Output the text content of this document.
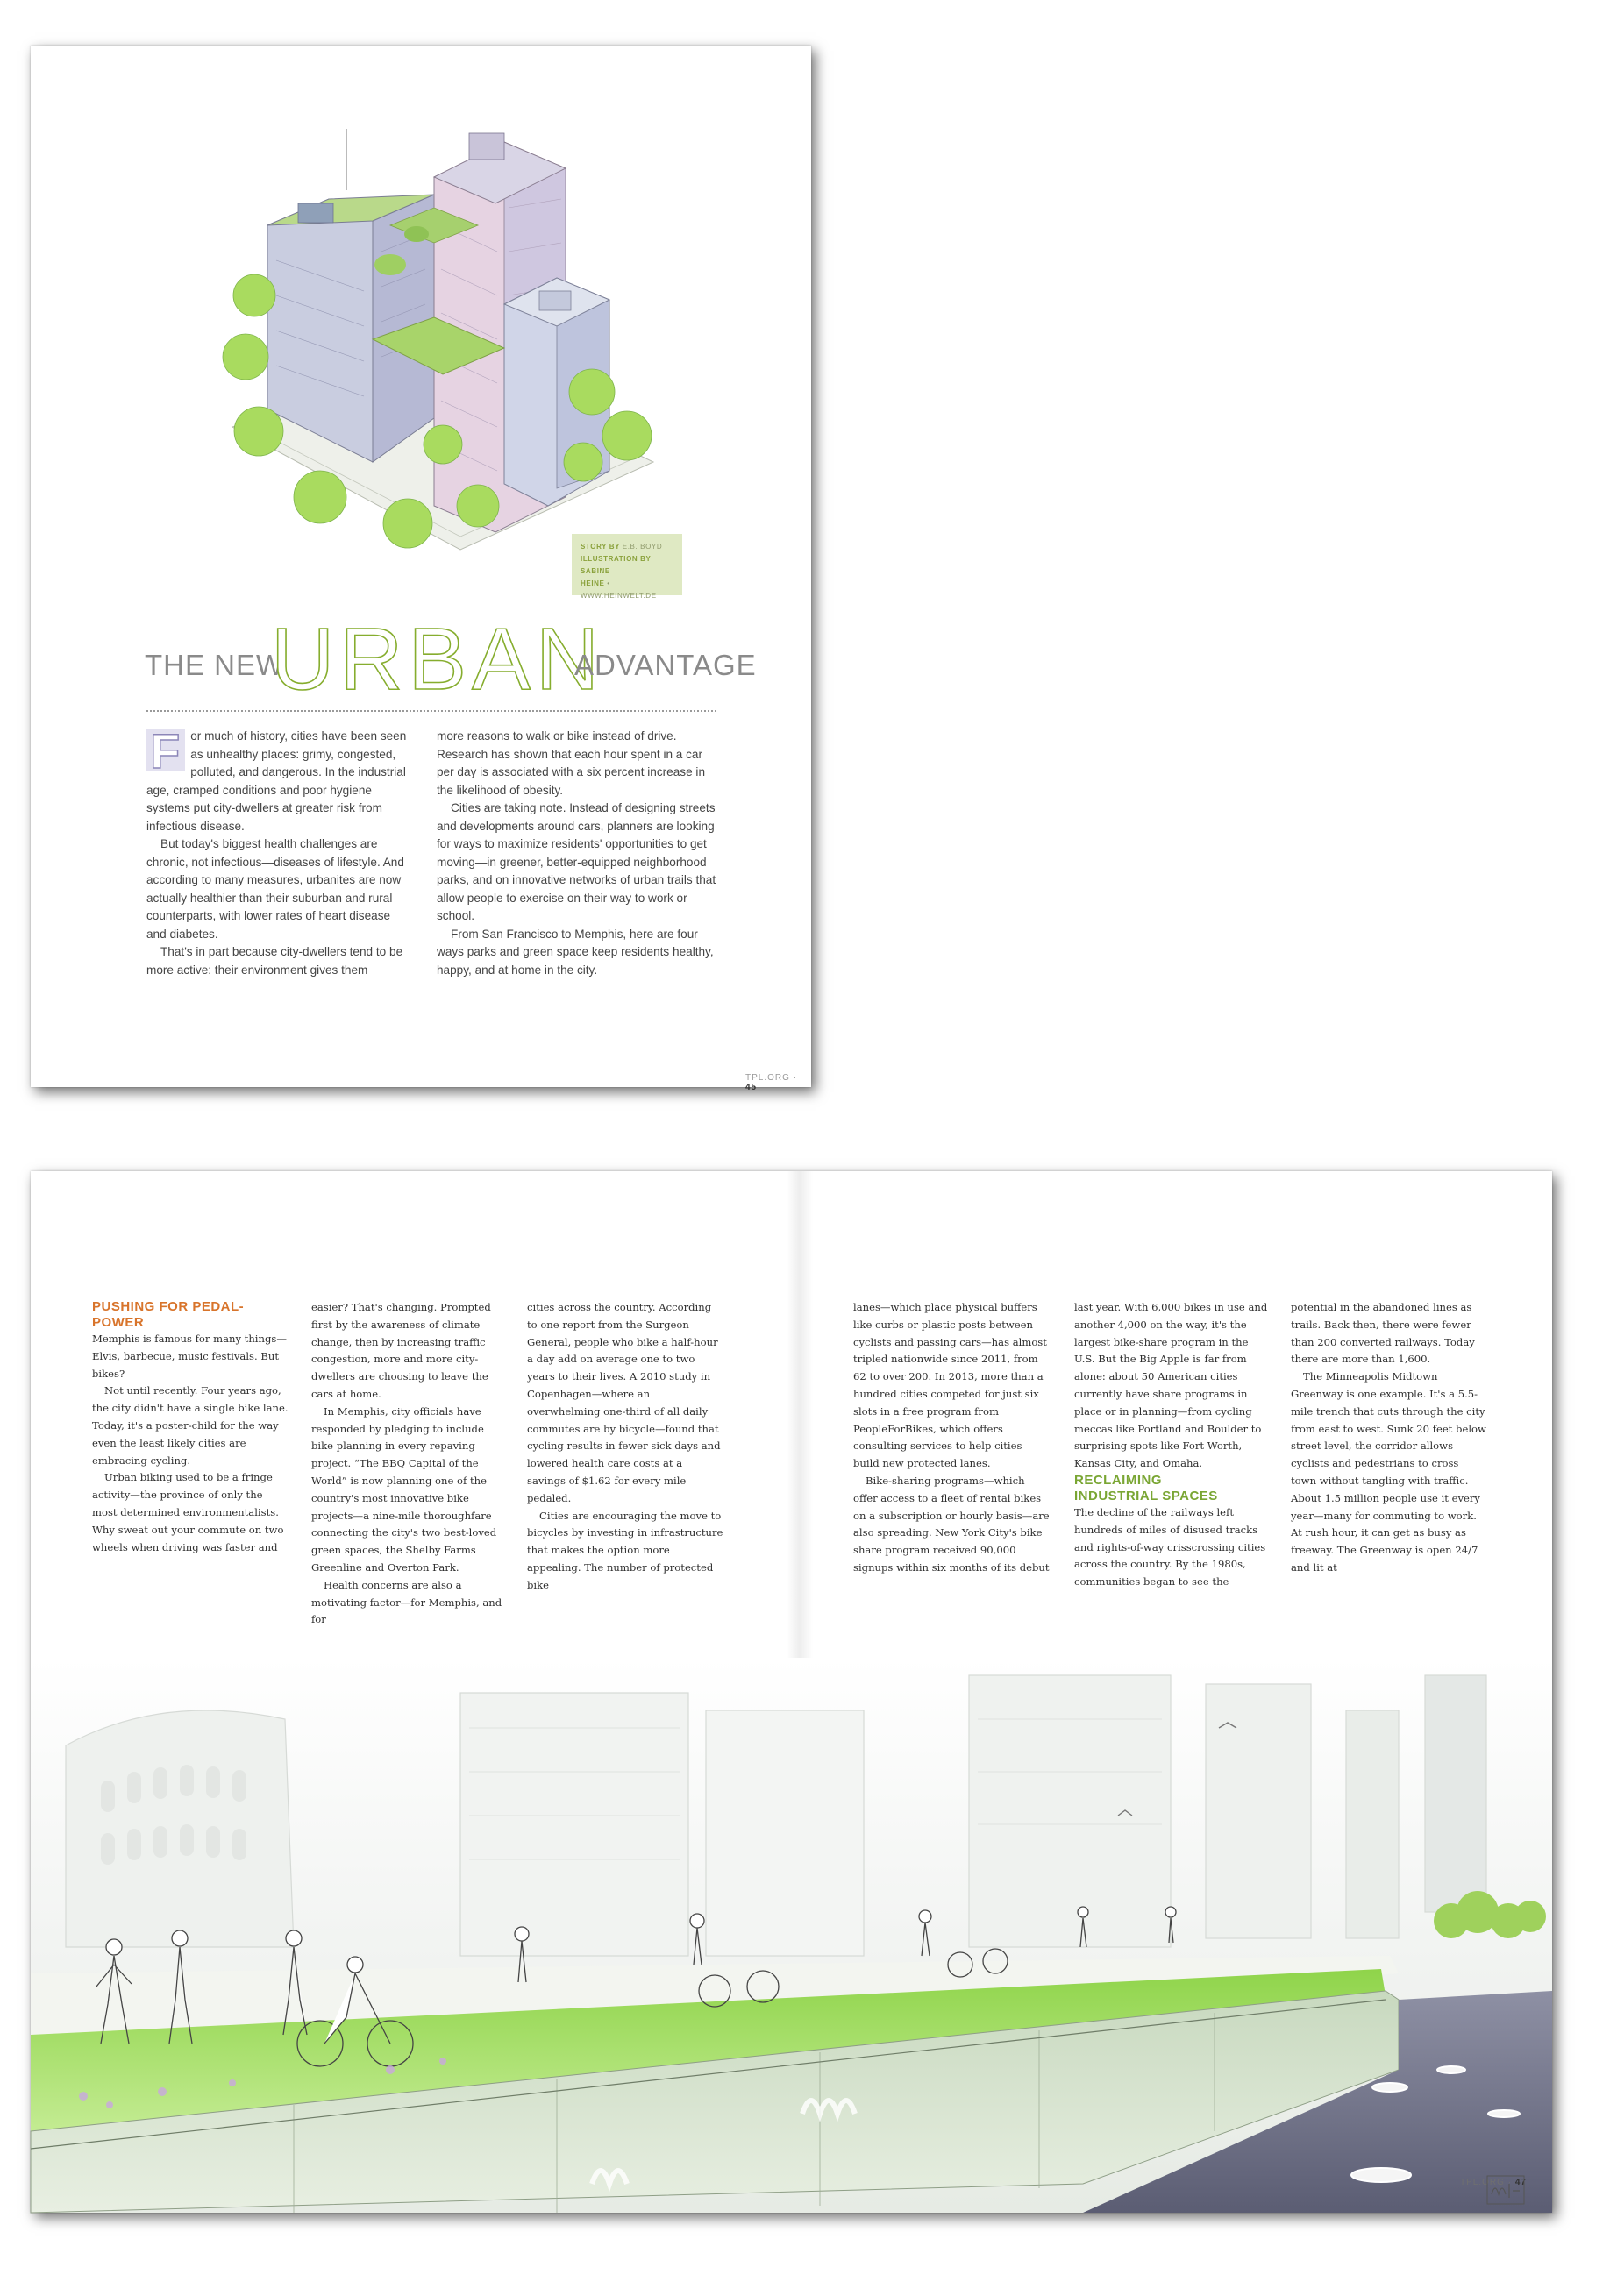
STORY BY E.B. BOYD
ILLUSTRATION BY SABINE
HEINE • WWW.HEINWELT.DE
THE NEW
URBAN
ADVANTAGE

F or much of history, cities have been seen as unhealthy places: grimy, congested, polluted, and dangerous. In the industrial age, cramped conditions and poor hygiene systems put city-dwellers at greater risk from infectious disease.

But today's biggest health challenges are chronic, not infectious—diseases of lifestyle. And according to many measures, urbanites are now actually healthier than their suburban and rural counterparts, with lower rates of heart disease and diabetes.

That's in part because city-dwellers tend to be more active: their environment gives them

more reasons to walk or bike instead of drive. Research has shown that each hour spent in a car per day is associated with a six percent increase in the likelihood of obesity.

Cities are taking note. Instead of designing streets and developments around cars, planners are looking for ways to maximize residents' opportunities to get moving—in greener, better-equipped neighborhood parks, and on innovative networks of urban trails that allow people to exercise on their way to work or school.

From San Francisco to Memphis, here are four ways parks and green space keep residents healthy, happy, and at home in the city.

TPL.ORG · 45

PUSHING FOR PEDAL-POWER

Memphis is famous for many things—Elvis, barbecue, music festivals. But bikes?

Not until recently. Four years ago, the city didn't have a single bike lane. Today, it's a poster-child for the way even the least likely cities are embracing cycling.

Urban biking used to be a fringe activity—the province of only the most determined environmentalists. Why sweat out your commute on two wheels when driving was faster and

easier? That's changing. Prompted first by the awareness of climate change, then by increasing traffic congestion, more and more city-dwellers are choosing to leave the cars at home.

In Memphis, city officials have responded by pledging to include bike planning in every repaving project. “The BBQ Capital of the World” is now planning one of the country's most innovative bike projects—a nine-mile thoroughfare connecting the city's two best-loved green spaces, the Shelby Farms Greenline and Overton Park.

Health concerns are also a motivating factor—for Memphis, and for

cities across the country. According to one report from the Surgeon General, people who bike a half-hour a day add on average one to two years to their lives. A 2010 study in Copenhagen—where an overwhelming one-third of all daily commutes are by bicycle—found that cycling results in fewer sick days and lowered health care costs at a savings of $1.62 for every mile pedaled.

Cities are encouraging the move to bicycles by investing in infrastructure that makes the option more appealing. The number of protected bike

lanes—which place physical buffers like curbs or plastic posts between cyclists and passing cars—has almost tripled nationwide since 2011, from 62 to over 200. In 2013, more than a hundred cities competed for just six slots in a free program from PeopleForBikes, which offers consulting services to help cities build new protected lanes.

Bike-sharing programs—which offer access to a fleet of rental bikes on a subscription or hourly basis—are also spreading. New York City's bike share program received 90,000 signups within six months of its debut

last year. With 6,000 bikes in use and another 4,000 on the way, it's the largest bike-share program in the U.S. But the Big Apple is far from alone: about 50 American cities currently have share programs in place or in planning—from cycling meccas like Portland and Boulder to surprising spots like Fort Worth, Kansas City, and Omaha.

RECLAIMING
INDUSTRIAL SPACES

The decline of the railways left hundreds of miles of disused tracks and rights-of-way crisscrossing cities across the country. By the 1980s, communities began to see the

potential in the abandoned lines as trails. Back then, there were fewer than 200 converted railways. Today there are more than 1,600.

The Minneapolis Midtown Greenway is one example. It's a 5.5-mile trench that cuts through the city from east to west. Sunk 20 feet below street level, the corridor allows cyclists and pedestrians to cross town without tangling with traffic. About 1.5 million people use it every year—many for commuting to work. At rush hour, it can get as busy as freeway. The Greenway is open 24/7 and lit at

TPL.ORG · 47
